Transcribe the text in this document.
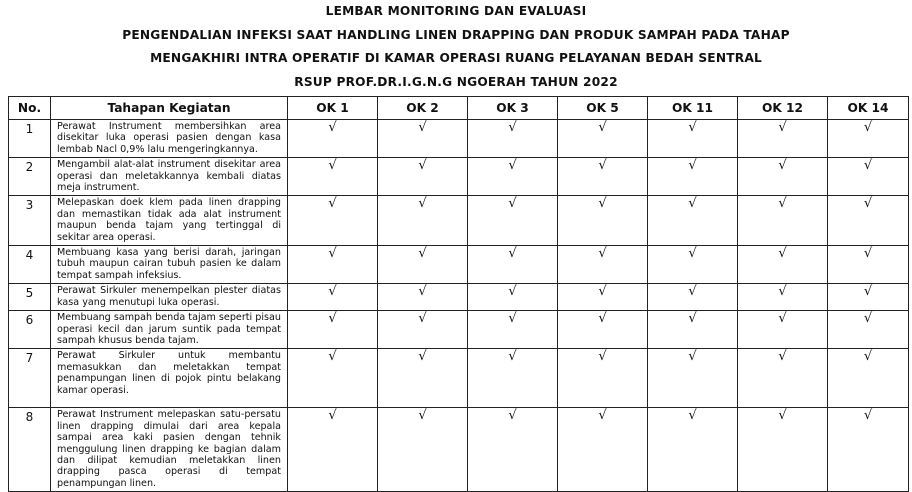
LEMBAR MONITORING DAN EVALUASI
PENGENDALIAN INFEKSI SAAT HANDLING LINEN DRAPPING DAN PRODUK SAMPAH PADA TAHAP
MENGAKHIRI INTRA OPERATIF DI KAMAR OPERASI RUANG PELAYANAN BEDAH SENTRAL
RSUP PROF.DR.I.G.N.G NGOERAH TAHUN 2022
No.	Tahapan Kegiatan	OK 1	OK 2	OK 3	OK 5	OK 11	OK 12	OK 14
1	Perawat Instrument membersihkan area disekitar luka operasi pasien dengan kasa lembab Nacl 0,9% lalu mengeringkannya.	√	√	√	√	√	√	√
2	Mengambil alat-alat instrument disekitar area operasi dan meletakkannya kembali diatas meja instrument.	√	√	√	√	√	√	√
3	Melepaskan doek klem pada linen drapping dan memastikan tidak ada alat instrument maupun benda tajam yang tertinggal di sekitar area operasi.	√	√	√	√	√	√	√
4	Membuang kasa yang berisi darah, jaringan tubuh maupun cairan tubuh pasien ke dalam tempat sampah infeksius.	√	√	√	√	√	√	√
5	Perawat Sirkuler menempelkan plester diatas kasa yang menutupi luka operasi.	√	√	√	√	√	√	√
6	Membuang sampah benda tajam seperti pisau operasi kecil dan jarum suntik pada tempat sampah khusus benda tajam.	√	√	√	√	√	√	√
7	Perawat Sirkuler untuk membantu memasukkan dan meletakkan tempat penampungan linen di pojok pintu belakang kamar operasi.	√	√	√	√	√	√	√
8	Perawat Instrument melepaskan satu-persatu linen drapping dimulai dari area kepala sampai area kaki pasien dengan tehnik menggulung linen drapping ke bagian dalam dan dilipat kemudian meletakkan linen drapping pasca operasi di tempat penampungan linen.	√	√	√	√	√	√	√
